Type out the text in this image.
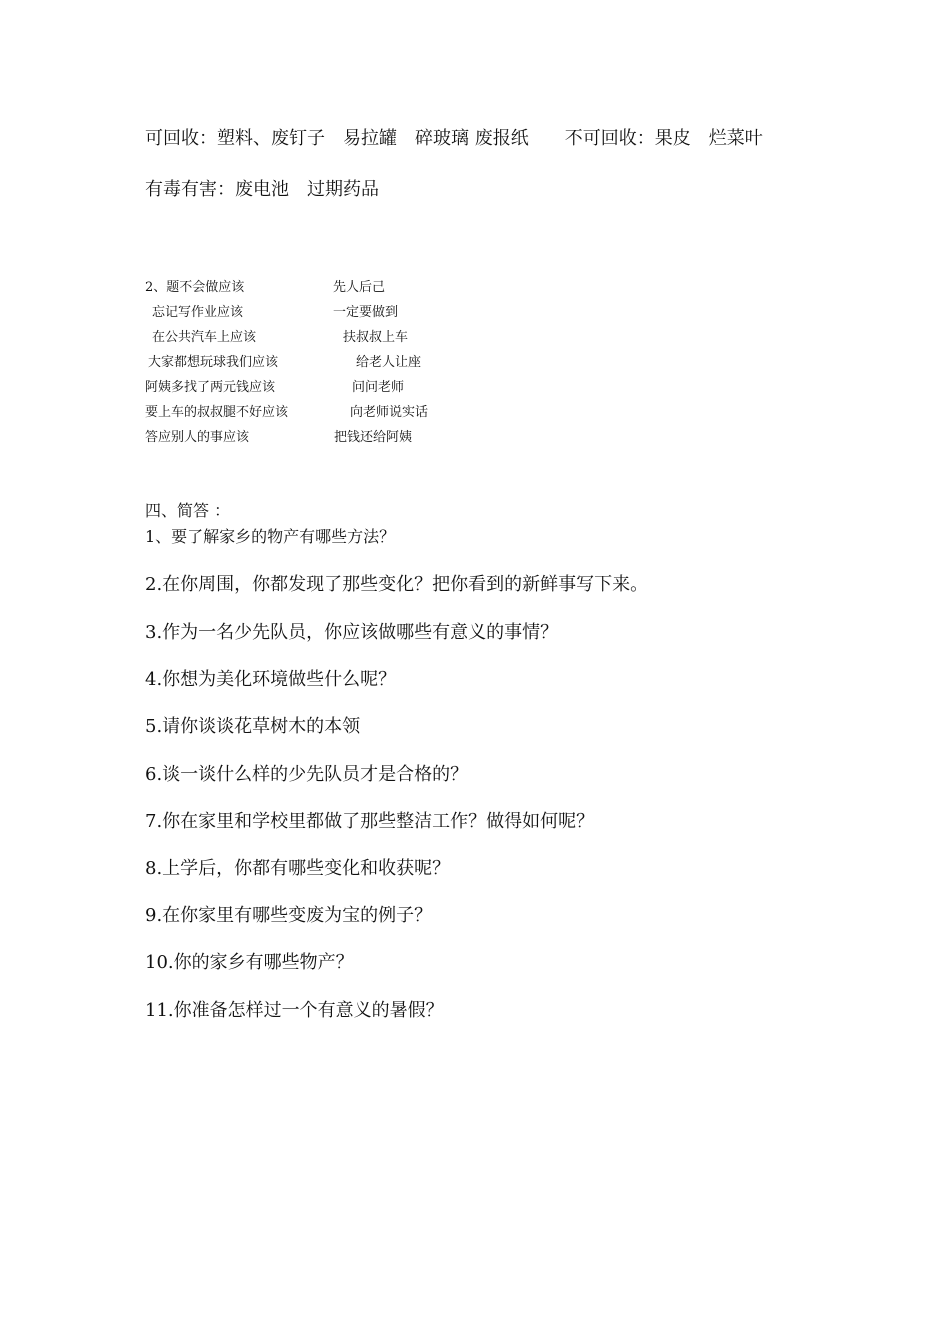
可回收：塑料、废钉子　易拉罐　碎玻璃 废报纸　　不可回收：果皮　烂菜叶
有毒有害：废电池　过期药品
2、题不会做应该
忘记写作业应该
在公共汽车上应该
大家都想玩球我们应该
阿姨多找了两元钱应该
要上车的叔叔腿不好应该
答应别人的事应该
先人后己
一定要做到
扶叔叔上车
给老人让座
问问老师
向老师说实话
把钱还给阿姨
四、简答 ：
1、要了解家乡的物产有哪些方法？
2.在你周围，你都发现了那些变化？把你看到的新鲜事写下来。
3.作为一名少先队员，你应该做哪些有意义的事情？
4.你想为美化环境做些什么呢？
5.请你谈谈花草树木的本领
6.谈一谈什么样的少先队员才是合格的？
7.你在家里和学校里都做了那些整洁工作？做得如何呢？
8.上学后，你都有哪些变化和收获呢？
9.在你家里有哪些变废为宝的例子？
10.你的家乡有哪些物产？
11.你准备怎样过一个有意义的暑假？
